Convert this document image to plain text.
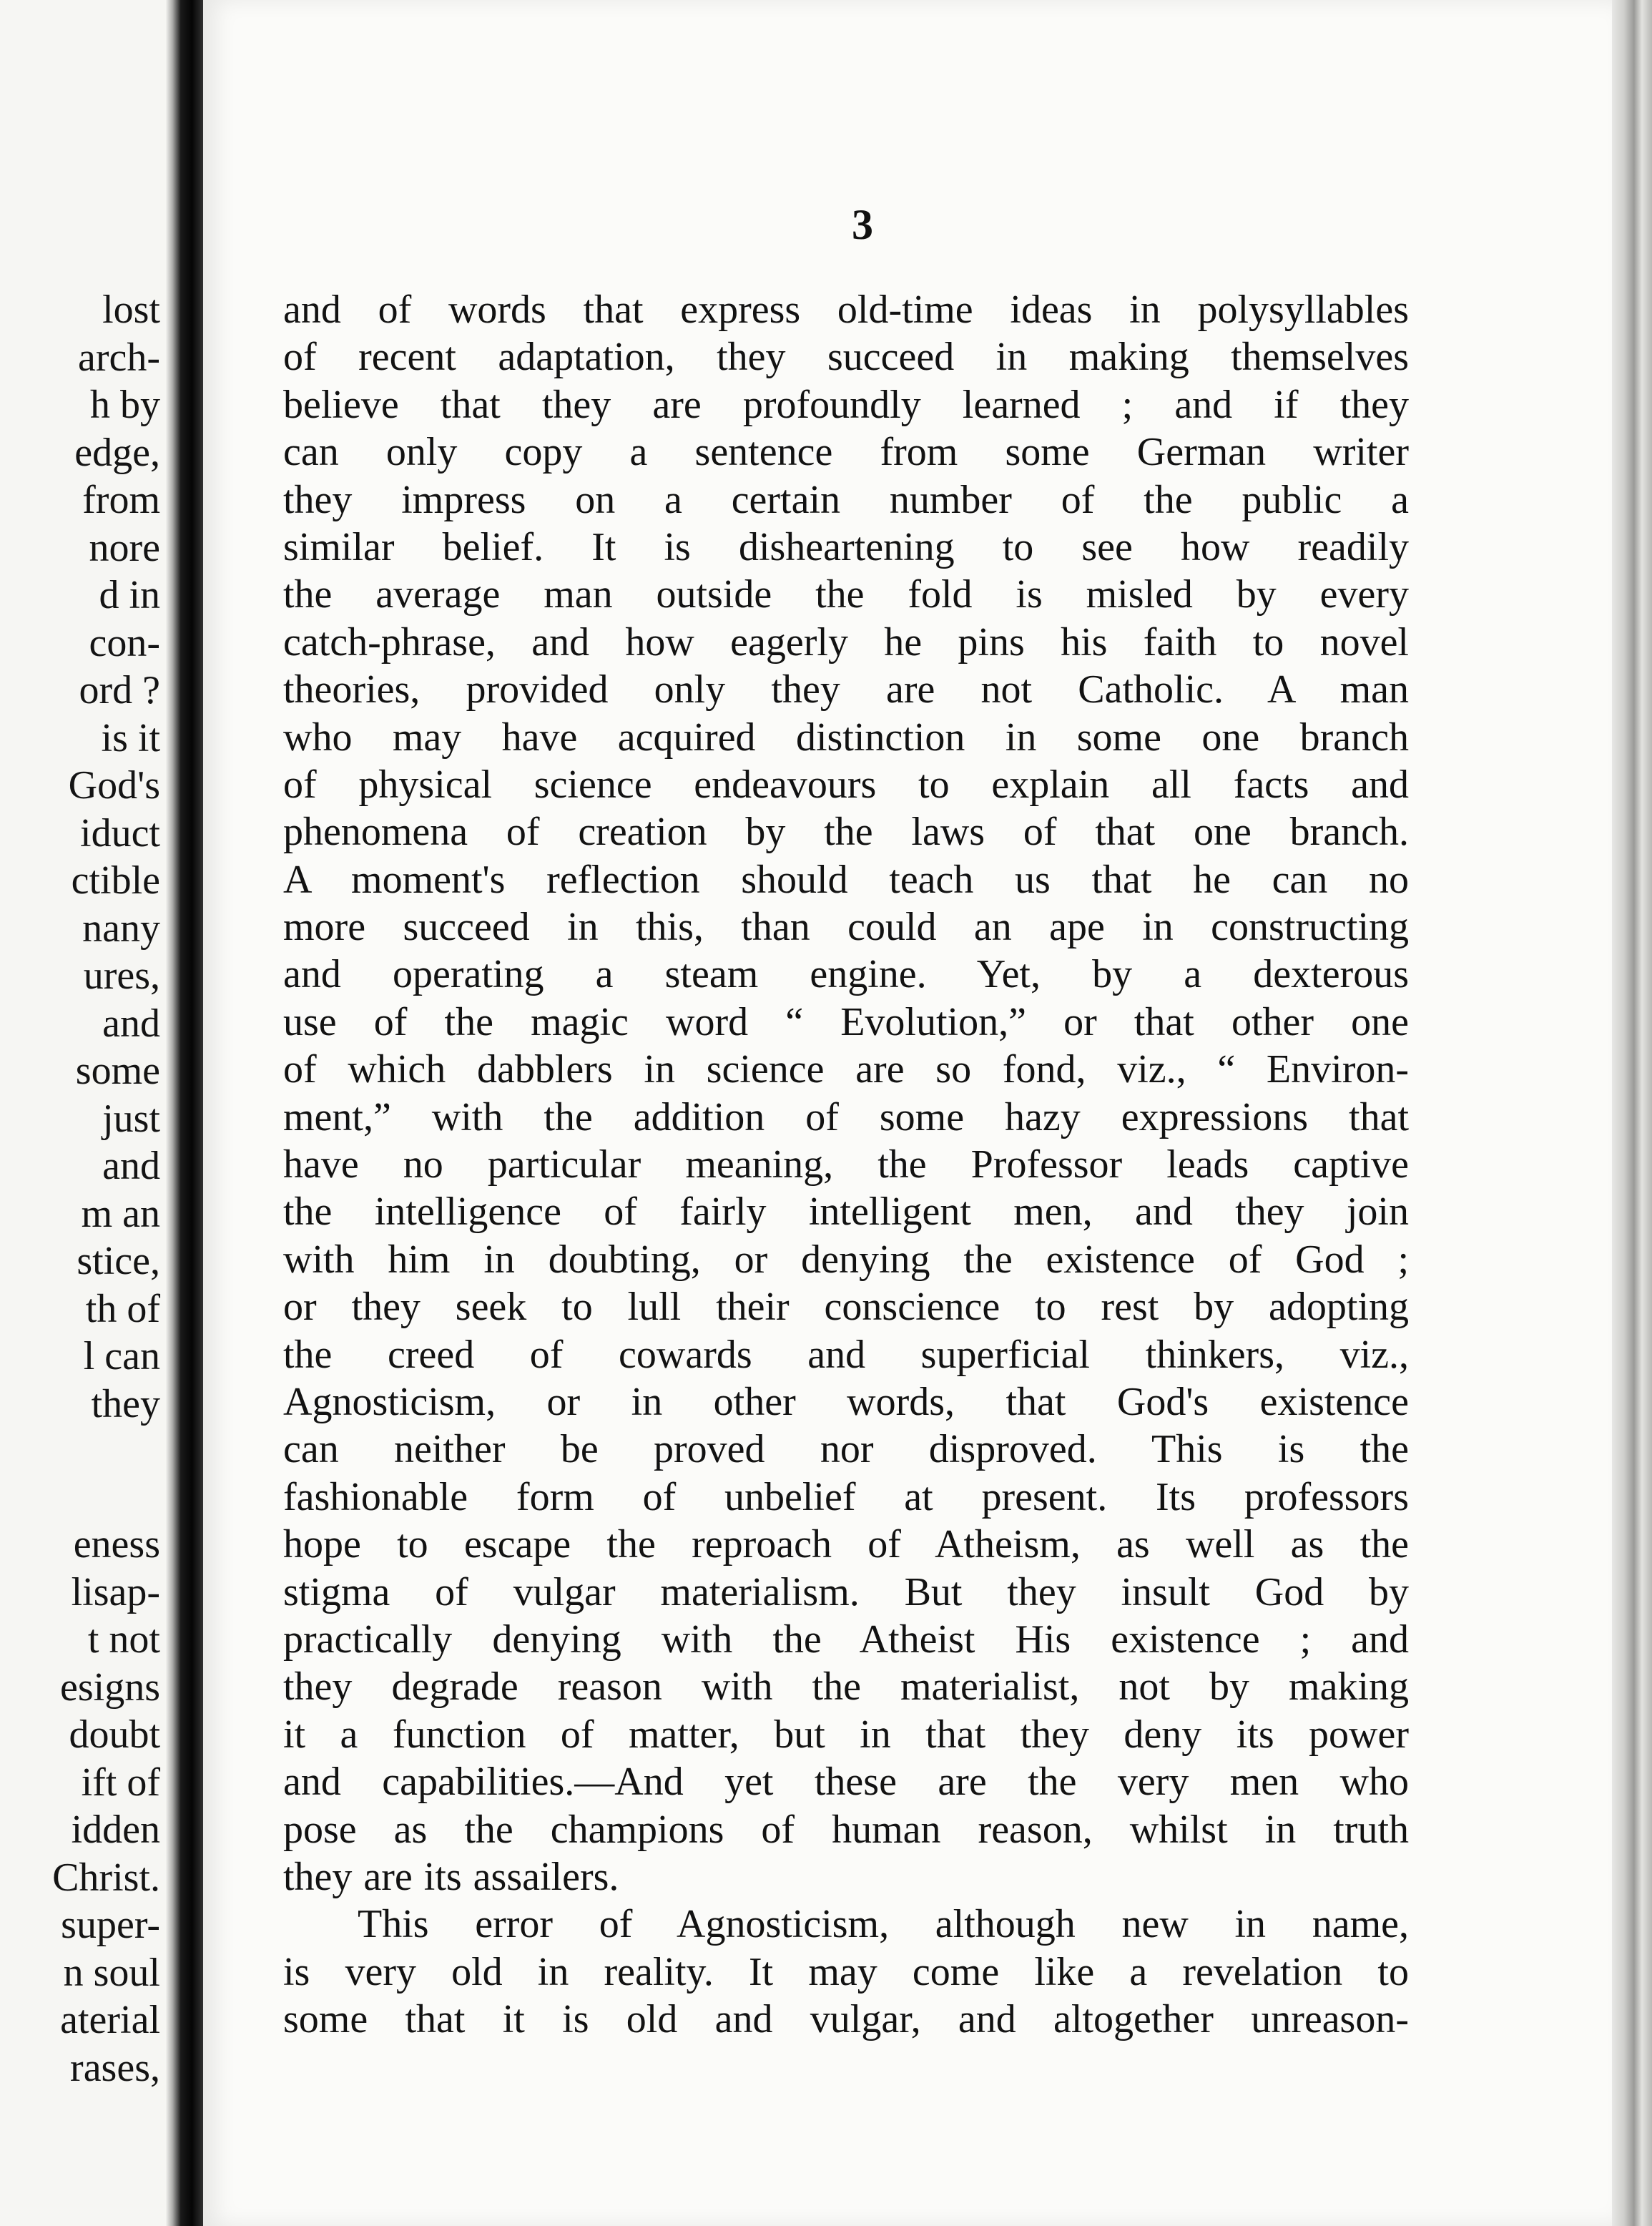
lost
arch-
h by
edge,
from
nore
d in
con-
ord ?
is it
God's
iduct
ctible
nany
ures,
and
some
just
and
m an
stice,
th of
l can
they
eness
lisap-
t not
esigns
doubt
ift of
idden
Christ.
super-
n soul
aterial
rases,

3

and of words that express old-time ideas in polysyllables
of recent adaptation, they succeed in making themselves
believe that they are profoundly learned ; and if they
can only copy a sentence from some German writer
they impress on a certain number of the public a
similar belief. It is disheartening to see how readily
the average man outside the fold is misled by every
catch-phrase, and how eagerly he pins his faith to novel
theories, provided only they are not Catholic. A man
who may have acquired distinction in some one branch
of physical science endeavours to explain all facts and
phenomena of creation by the laws of that one branch.
A moment's reflection should teach us that he can no
more succeed in this, than could an ape in constructing
and operating a steam engine. Yet, by a dexterous
use of the magic word “ Evolution,” or that other one
of which dabblers in science are so fond, viz., “ Environ-
ment,” with the addition of some hazy expressions that
have no particular meaning, the Professor leads captive
the intelligence of fairly intelligent men, and they join
with him in doubting, or denying the existence of God ;
or they seek to lull their conscience to rest by adopting
the creed of cowards and superficial thinkers, viz.,
Agnosticism, or in other words, that God's existence
can neither be proved nor disproved. This is the
fashionable form of unbelief at present. Its professors
hope to escape the reproach of Atheism, as well as the
stigma of vulgar materialism. But they insult God by
practically denying with the Atheist His existence ; and
they degrade reason with the materialist, not by making
it a function of matter, but in that they deny its power
and capabilities.—And yet these are the very men who
pose as the champions of human reason, whilst in truth
they are its assailers.
This error of Agnosticism, although new in name,
is very old in reality. It may come like a revelation to
some that it is old and vulgar, and altogether unreason-
